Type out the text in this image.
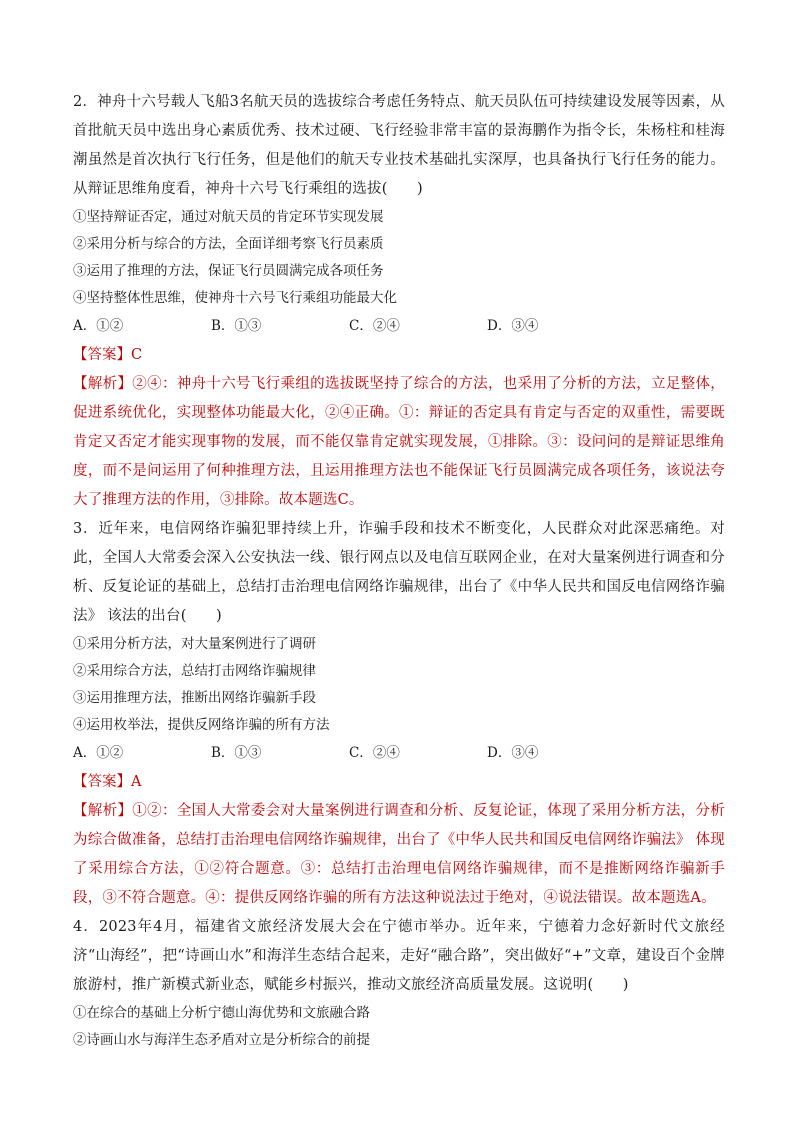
2．神舟十六号载人飞船3名航天员的选拔综合考虑任务特点、航天员队伍可持续建设发展等因素，从首批航天员中选出身心素质优秀、技术过硬、飞行经验非常丰富的景海鹏作为指令长，朱杨柱和桂海潮虽然是首次执行飞行任务，但是他们的航天专业技术基础扎实深厚，也具备执行飞行任务的能力。从辩证思维角度看，神舟十六号飞行乘组的选拔(　　)

①坚持辩证否定，通过对航天员的肯定环节实现发展

②采用分析与综合的方法，全面详细考察飞行员素质

③运用了推理的方法，保证飞行员圆满完成各项任务

④坚持整体性思维，使神舟十六号飞行乘组功能最大化

A．①②	B．①③	C．②④	D．③④

【答案】C

【解析】②④：神舟十六号飞行乘组的选拔既坚持了综合的方法，也采用了分析的方法，立足整体，促进系统优化，实现整体功能最大化，②④正确。①：辩证的否定具有肯定与否定的双重性，需要既肯定又否定才能实现事物的发展，而不能仅靠肯定就实现发展，①排除。③：设问问的是辩证思维角度，而不是问运用了何种推理方法，且运用推理方法也不能保证飞行员圆满完成各项任务，该说法夸大了推理方法的作用，③排除。故本题选C。

3．近年来，电信网络诈骗犯罪持续上升，诈骗手段和技术不断变化，人民群众对此深恶痛绝。对此，全国人大常委会深入公安执法一线、银行网点以及电信互联网企业，在对大量案例进行调查和分析、反复论证的基础上，总结打击治理电信网络诈骗规律，出台了《中华人民共和国反电信网络诈骗法》 该法的出台(　　)

①采用分析方法，对大量案例进行了调研

②采用综合方法，总结打击网络诈骗规律

③运用推理方法，推断出网络诈骗新手段

④运用枚举法，提供反网络诈骗的所有方法

A．①②	B．①③	C．②④	D．③④

【答案】A

【解析】①②：全国人大常委会对大量案例进行调查和分析、反复论证，体现了采用分析方法，分析为综合做准备，总结打击治理电信网络诈骗规律，出台了《中华人民共和国反电信网络诈骗法》 体现了采用综合方法，①②符合题意。③：总结打击治理电信网络诈骗规律，而不是推断网络诈骗新手段，③不符合题意。④：提供反网络诈骗的所有方法这种说法过于绝对，④说法错误。故本题选A。

4．2023年4月，福建省文旅经济发展大会在宁德市举办。近年来，宁德着力念好新时代文旅经济“山海经”，把“诗画山水”和海洋生态结合起来，走好“融合路”，突出做好“+”文章，建设百个金牌旅游村，推广新模式新业态，赋能乡村振兴，推动文旅经济高质量发展。这说明(　　)

①在综合的基础上分析宁德山海优势和文旅融合路

②诗画山水与海洋生态矛盾对立是分析综合的前提
